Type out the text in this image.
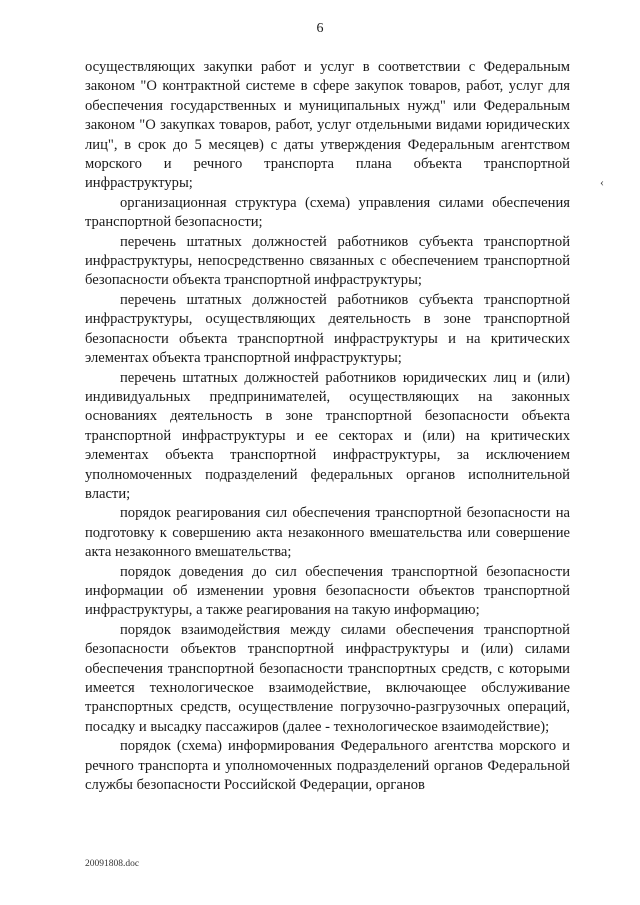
6

осуществляющих закупки работ и услуг в соответствии с Федеральным законом "О контрактной системе в сфере закупок товаров, работ, услуг для обеспечения государственных и муниципальных нужд" или Федеральным законом "О закупках товаров, работ, услуг отдельными видами юридических лиц", в срок до 5 месяцев) с даты утверждения Федеральным агентством морского и речного транспорта плана объекта транспортной инфраструктуры;

организационная структура (схема) управления силами обеспечения транспортной безопасности;

перечень штатных должностей работников субъекта транспортной инфраструктуры, непосредственно связанных с обеспечением транспортной безопасности объекта транспортной инфраструктуры;

перечень штатных должностей работников субъекта транспортной инфраструктуры, осуществляющих деятельность в зоне транспортной безопасности объекта транспортной инфраструктуры и на критических элементах объекта транспортной инфраструктуры;

перечень штатных должностей работников юридических лиц и (или) индивидуальных предпринимателей, осуществляющих на законных основаниях деятельность в зоне транспортной безопасности объекта транспортной инфраструктуры и ее секторах и (или) на критических элементах объекта транспортной инфраструктуры, за исключением уполномоченных подразделений федеральных органов исполнительной власти;

порядок реагирования сил обеспечения транспортной безопасности на подготовку к совершению акта незаконного вмешательства или совершение акта незаконного вмешательства;

порядок доведения до сил обеспечения транспортной безопасности информации об изменении уровня безопасности объектов транспортной инфраструктуры, а также реагирования на такую информацию;

порядок взаимодействия между силами обеспечения транспортной безопасности объектов транспортной инфраструктуры и (или) силами обеспечения транспортной безопасности транспортных средств, с которыми имеется технологическое взаимодействие, включающее обслуживание транспортных средств, осуществление погрузочно-разгрузочных операций, посадку и высадку пассажиров (далее - технологическое взаимодействие);

порядок (схема) информирования Федерального агентства морского и речного транспорта и уполномоченных подразделений органов Федеральной службы безопасности Российской Федерации, органов

‹
20091808.doc
